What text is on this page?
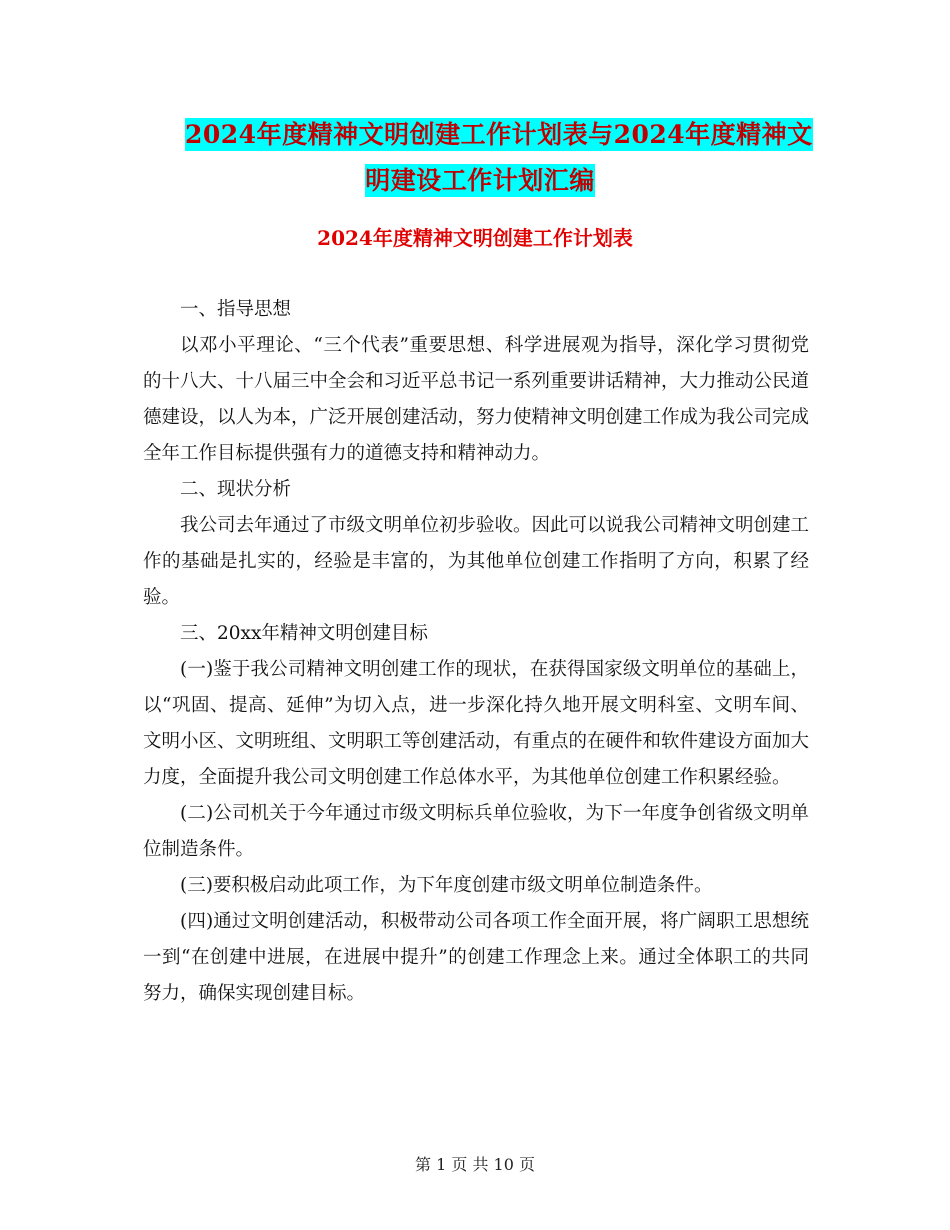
2024年度精神文明创建工作计划表与2024年度精神文
明建设工作计划汇编
2024年度精神文明创建工作计划表

一、指导思想

以邓小平理论、“三个代表”重要思想、科学进展观为指导，深化学习贯彻党的十八大、十八届三中全会和习近平总书记一系列重要讲话精神，大力推动公民道德建设，以人为本，广泛开展创建活动，努力使精神文明创建工作成为我公司完成全年工作目标提供强有力的道德支持和精神动力。

二、现状分析

我公司去年通过了市级文明单位初步验收。因此可以说我公司精神文明创建工作的基础是扎实的，经验是丰富的，为其他单位创建工作指明了方向，积累了经验。

三、20xx年精神文明创建目标

(一)鉴于我公司精神文明创建工作的现状，在获得国家级文明单位的基础上，以“巩固、提高、延伸”为切入点，进一步深化持久地开展文明科室、文明车间、文明小区、文明班组、文明职工等创建活动，有重点的在硬件和软件建设方面加大力度，全面提升我公司文明创建工作总体水平，为其他单位创建工作积累经验。

(二)公司机关于今年通过市级文明标兵单位验收，为下一年度争创省级文明单位制造条件。

(三)要积极启动此项工作，为下年度创建市级文明单位制造条件。

(四)通过文明创建活动，积极带动公司各项工作全面开展，将广阔职工思想统一到“在创建中进展，在进展中提升”的创建工作理念上来。通过全体职工的共同努力，确保实现创建目标。

第 1 页 共 10 页
